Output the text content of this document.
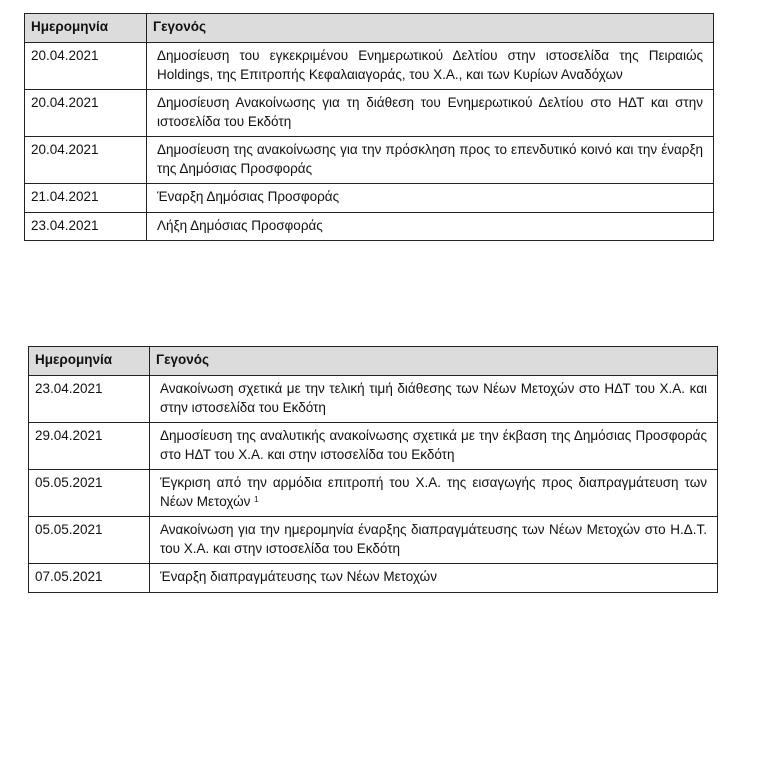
Ημερομηνία	Γεγονός
20.04.2021	Δημοσίευση του εγκεκριμένου Ενημερωτικού Δελτίου στην ιστοσελίδα της Πειραιώς Holdings, της Επιτροπής Κεφαλαιαγοράς, του Χ.Α., και των Κυρίων Αναδόχων
20.04.2021	Δημοσίευση Ανακοίνωσης για τη διάθεση του Ενημερωτικού Δελτίου στο ΗΔΤ και στην ιστοσελίδα του Εκδότη
20.04.2021	Δημοσίευση της ανακοίνωσης για την πρόσκληση προς το επενδυτικό κοινό και την έναρξη της Δημόσιας Προσφοράς
21.04.2021	Έναρξη Δημόσιας Προσφοράς
23.04.2021	Λήξη Δημόσιας Προσφοράς
Ημερομηνία	Γεγονός
23.04.2021	Ανακοίνωση σχετικά με την τελική τιμή διάθεσης των Νέων Μετοχών στο ΗΔΤ του Χ.Α. και στην ιστοσελίδα του Εκδότη
29.04.2021	Δημοσίευση της αναλυτικής ανακοίνωσης σχετικά με την έκβαση της Δημόσιας Προσφοράς στο ΗΔΤ του Χ.Α. και στην ιστοσελίδα του Εκδότη
05.05.2021	Έγκριση από την αρμόδια επιτροπή του Χ.Α. της εισαγωγής προς διαπραγμάτευση των Νέων Μετοχών $^1$
05.05.2021	Ανακοίνωση για την ημερομηνία έναρξης διαπραγμάτευσης των Νέων Μετοχών στο Η.Δ.Τ. του Χ.Α. και στην ιστοσελίδα του Εκδότη
07.05.2021	Έναρξη διαπραγμάτευσης των Νέων Μετοχών
